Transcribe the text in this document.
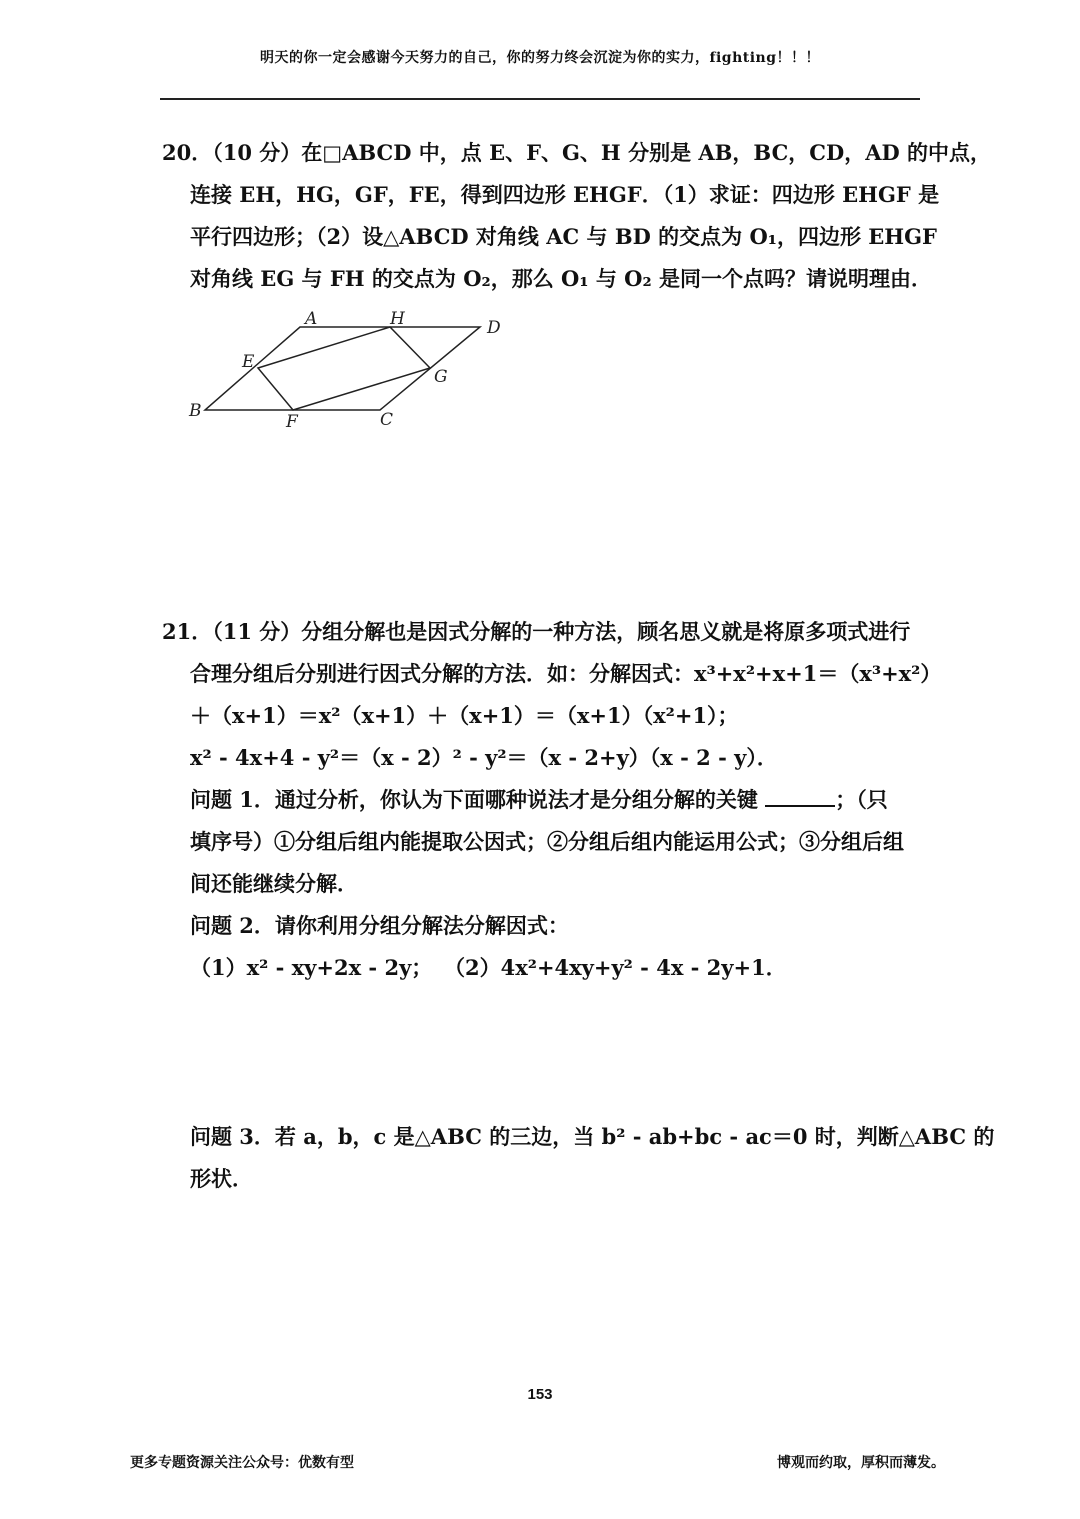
明天的你一定会感谢今天努力的自己，你的努力终会沉淀为你的实力，fighting！！！
20．（10 分）在□ABCD 中，点 E、F、G、H 分别是 AB，BC，CD，AD 的中点，
连接 EH，HG，GF，FE，得到四边形 EHGF．（1）求证：四边形 EHGF 是
平行四边形；（2）设△ABCD 对角线 AC 与 BD 的交点为 O₁，四边形 EHGF
对角线 EG 与 FH 的交点为 O₂，那么 O₁ 与 O₂ 是同一个点吗？请说明理由．
A	H	D
E
G
B
F	C
21．（11 分）分组分解也是因式分解的一种方法，顾名思义就是将原多项式进行
合理分组后分别进行因式分解的方法．如：分解因式：x³+x²+x+1＝（x³+x²）
＋（x+1）＝x²（x+1）＋（x+1）＝（x+1）（x²+1）；
x² - 4x+4 - y²＝（x - 2）² - y²＝（x - 2+y）（x - 2 - y）．
问题 1．通过分析，你认为下面哪种说法才是分组分解的关键	；（只
填序号）①分组后组内能提取公因式；②分组后组内能运用公式；③分组后组
间还能继续分解．
问题 2．请你利用分组分解法分解因式：
（1）x² - xy+2x - 2y； （2）4x²+4xy+y² - 4x - 2y+1．
问题 3．若 a，b，c 是△ABC 的三边，当 b² - ab+bc - ac＝0 时，判断△ABC 的
形状．
153
更多专题资源关注公众号：优数有型	博观而约取，厚积而薄发。
